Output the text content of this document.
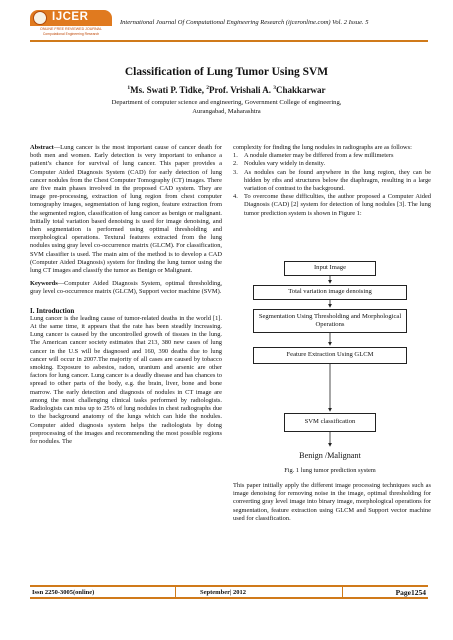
IJCER
ONLINE FREE REVIEWED JOURNAL
Computational Engineering Research
International Journal Of Computational Engineering Research (ijceronline.com) Vol. 2 Issue. 5
Classification of Lung Tumor Using SVM
$^1$Ms. Swati P. Tidke, $^2$Prof. Vrishali A. $^3$Chakkarwar
Department of computer science and engineering, Government College of engineering,
Aurangabad, Maharashtra

Abstract—Lung cancer is the most important cause of cancer death for both men and women. Early detection is very important to enhance a patient’s chance for survival of lung cancer. This paper provides a Computer Aided Diagnosis System (CAD) for early detection of lung cancer nodules from the Chest Computer Tomography (CT) images. There are five main phases involved in the proposed CAD system. They are image pre-processing, extraction of lung region from chest computer tomography images, segmentation of lung region, feature extraction from the segmented region, classification of lung cancer as benign or malignant. Initially total variation based denoising is used for image denoising, and then segmentation is performed using optimal thresholding and morphological operations. Textural features extracted from the lung nodules using gray level co-occurrence matrix (GLCM). For classification, SVM classifier is used. The main aim of the method is to develop a CAD (Computer Aided Diagnosis) system for finding the lung tumor using the lung CT images and classify the tumor as Benign or Malignant.

Keywords—Computer Aided Diagnosis System, optimal thresholding, gray level co-occurrence matrix (GLCM), Support vector machine (SVM).

I. Introduction

Lung cancer is the leading cause of tumor-related deaths in the world [1]. At the same time, it appears that the rate has been steadily increasing. Lung cancer is caused by the uncontrolled growth of tissues in the lung. The American cancer society estimates that 213, 380 new cases of lung cancer in the U.S will be diagnosed and 160, 390 deaths due to lung cancer will occur in 2007.The majority of all cases are caused by tobacco smoking. Exposure to asbestos, radon, uranium and arsenic are other factors for lung cancer. Lung cancer is a deadly disease and has chances to spread to other parts of the body, e.g. the brain, liver, bone and bone marrow. The early detection and diagnosis of nodules in CT image are among the most challenging clinical tasks performed by radiologists. Radiologists can miss up to 25% of lung nodules in chest radiographs due to the background anatomy of the lungs which can hide the nodules. Computer aided diagnosis system helps the radiologists by doing preprocessing of the images and recommending the most possible regions for nodules. The

complexity for finding the lung nodules in radiographs are as follows:

1. A nodule diameter may be differed from a few millimeters
2. Nodules vary widely in density.
3. As nodules can be found anywhere in the lung region, they can be hidden by ribs and structures below the diaphragm, resulting in a large variation of contrast to the background.
4. To overcome these difficulties, the author proposed a Computer Aided Diagnosis (CAD) [2] system for detection of lung nodules [3]. The lung tumor prediction system is shown in Figure 1:
Input Image
Total variation image denoising
Segmentation Using Thresholding and Morphological Operations
Feature Extraction Using GLCM
SVM classification
Benign /Malignant
Fig. 1 lung tumor prediction system

This paper initially apply the different image processing techniques such as image denoising for removing noise in the image, optimal thresholding for converting gray level image into binary image, morphological operations for segmentation, feature extraction using GLCM and Support vector machine used for classification.

Issn 2250-3005(online)	September| 2012	Page1254
